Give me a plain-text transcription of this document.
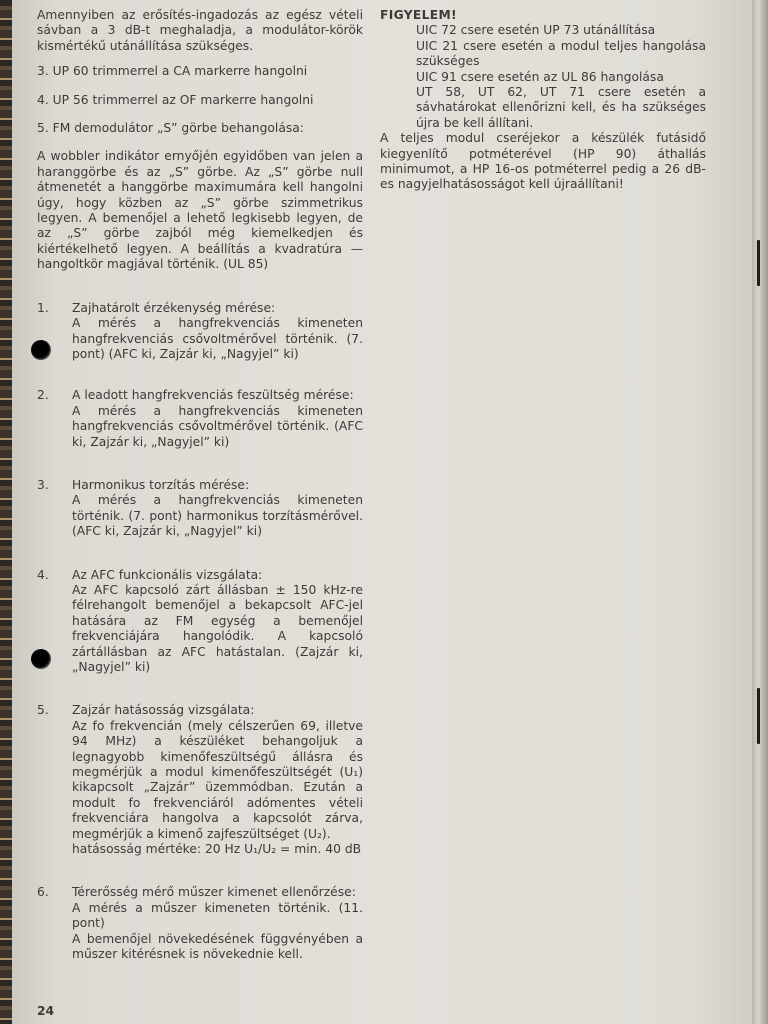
Amennyiben az erősítés-ingadozás az egész vételi sávban a 3 dB-t meghaladja, a modulátor-körök kismértékű utánállítása szükséges.

3. UP 60 trimmerrel a CA markerre hangolni

4. UP 56 trimmerrel az OF markerre hangolni

5. FM demodulátor „S” görbe behangolása:

A wobbler indikátor ernyőjén egyidőben van jelen a haranggörbe és az „S” görbe. Az „S” görbe null átmenetét a hanggörbe maximumára kell hangolni úgy, hogy közben az „S” görbe szimmetrikus legyen. A bemenőjel a lehető legkisebb legyen, de az „S” görbe zajból még kiemelkedjen és kiértékelhető legyen. A beállítás a kvadratúra — hangoltkör magjával történik. (UL 85)

1. Zajhatárolt érzékenység mérése:

A mérés a hangfrekvenciás kimeneten hangfrekvenciás csővoltmérővel történik. (7. pont) (AFC ki, Zajzár ki, „Nagyjel” ki)

2. A leadott hangfrekvenciás feszültség mérése:

A mérés a hangfrekvenciás kimeneten hangfrekvenciás csővoltmérővel történik. (AFC ki, Zajzár ki, „Nagyjel” ki)

3. Harmonikus torzítás mérése:

A mérés a hangfrekvenciás kimeneten történik. (7. pont) harmonikus torzításmérővel. (AFC ki, Zajzár ki, „Nagyjel” ki)

4. Az AFC funkcionális vizsgálata:

Az AFC kapcsoló zárt állásban ± 150 kHz-re félrehangolt bemenőjel a bekapcsolt AFC-jel hatására az FM egység a bemenőjel frekvenciájára hangolódik. A kapcsoló zártállásban az AFC hatástalan. (Zajzár ki, „Nagyjel” ki)

5. Zajzár hatásosság vizsgálata:

Az fo frekvencián (mely célszerűen 69, illetve 94 MHz) a készüléket behangoljuk a legnagyobb kimenőfeszültségű állásra és megmérjük a modul kimenőfeszültségét (U₁) kikapcsolt „Zajzár” üzemmódban. Ezután a modult fo frekvenciáról adómentes vételi frekvenciára hangolva a kapcsolót zárva, megmérjük a kimenő zajfeszültséget (U₂).

hatásosság mértéke: 20 Hz U₁/U₂ = min. 40 dB

6. Térerősség mérő műszer kimenet ellenőrzése:

A mérés a műszer kimeneten történik. (11. pont)

A bemenőjel növekedésének függvényében a műszer kitérésnek is növekednie kell.

FIGYELEM!

UIC 72 csere esetén UP 73 utánállítása

UIC 21 csere esetén a modul teljes hangolása szükséges

UIC 91 csere esetén az UL 86 hangolása

UT 58, UT 62, UT 71 csere esetén a sávhatárokat ellenőrizni kell, és ha szükséges újra be kell állítani.

A teljes modul cseréjekor a készülék futásidő kiegyenlítő potméterével (HP 90) áthallás minimumot, a HP 16-os potméterrel pedig a 26 dB-es nagyjelhatásosságot kell újraállítani!

24
